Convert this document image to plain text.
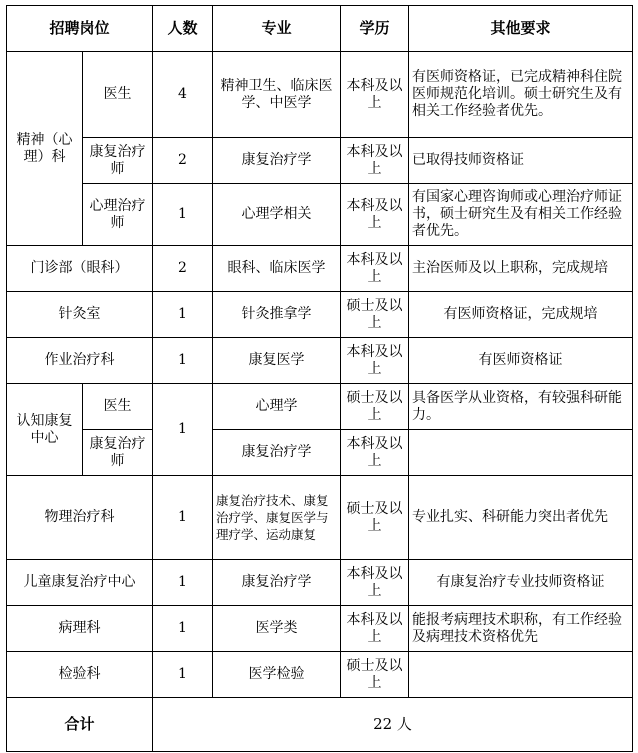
招聘岗位		人数	专业	学历	其他要求
精神（心理）科	医生	4	精神卫生、临床医学、中医学	本科及以上	有医师资格证，已完成精神科住院医师规范化培训。硕士研究生及有相关工作经验者优先。
	康复治疗师	2	康复治疗学	本科及以上	已取得技师资格证
	心理治疗师	1	心理学相关	本科及以上	有国家心理咨询师或心理治疗师证书，硕士研究生及有相关工作经验者优先。
门诊部（眼科）		2	眼科、临床医学	本科及以上	主治医师及以上职称，完成规培
针灸室		1	针灸推拿学	硕士及以上	有医师资格证，完成规培
作业治疗科		1	康复医学	本科及以上	有医师资格证
认知康复中心	医生	1	心理学	硕士及以上	具备医学从业资格，有较强科研能力。
	康复治疗师		康复治疗学	本科及以上	
物理治疗科		1	康复治疗技术、康复治疗学、康复医学与理疗学、运动康复	硕士及以上	专业扎实、科研能力突出者优先
儿童康复治疗中心		1	康复治疗学	本科及以上	有康复治疗专业技师资格证
病理科		1	医学类	本科及以上	能报考病理技术职称，有工作经验及病理技术资格优先
检验科		1	医学检验	硕士及以上	
合计		22 人			
